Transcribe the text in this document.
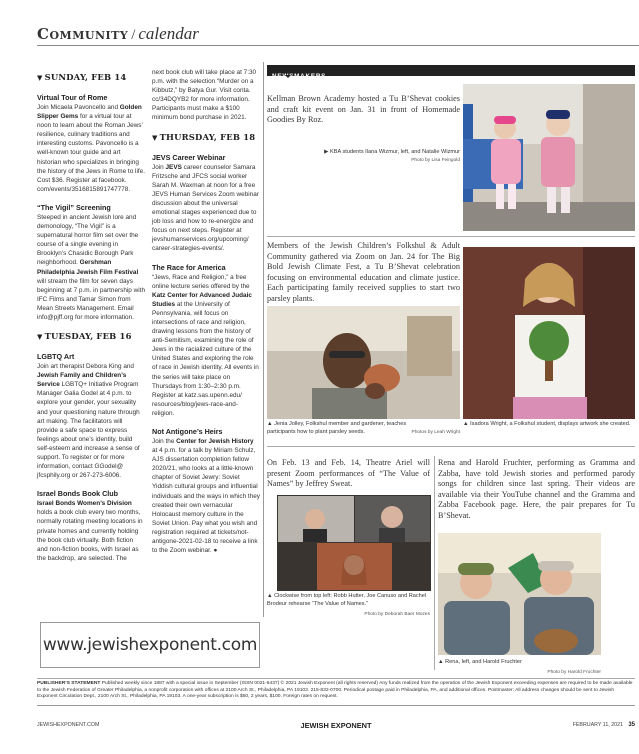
Community / calendar
▼ SUNDAY, FEB 14
Virtual Tour of Rome
Join Micaela Pavoncello and Golden Slipper Gems for a virtual tour at noon to learn about the Roman Jews’ resilience, culinary traditions and interesting customs. Pavoncello is a well-known tour guide and art historian who specializes in bringing the history of the Jews in Rome to life. Cost $36. Register at facebook. com/events/3516815891747778.
“The Vigil” Screening
Steeped in ancient Jewish lore and demonology, “The Vigil” is a supernatural horror film set over the course of a single evening in Brooklyn’s Chasidic Borough Park neighborhood. Gershman Philadelphia Jewish Film Festival will stream the film for seven days beginning at 7 p.m. in partnership with IFC Films and Tamar Simon from Mean Streets Management. Email info@pjff.org for more information.
▼ TUESDAY, FEB 16
LGBTQ Art
Join art therapist Debora King and Jewish Family and Children’s Service LGBTQ+ Initiative Program Manager Galia Godel at 4 p.m. to explore your gender, your sexuality and your questioning nature through art making. The facilitators will provide a safe space to express feelings about one’s identity, build self-esteem and increase a sense of support. To register or for more information, contact GGodel@ jfcsphily.org or 267-273-6006.
Israel Bonds Book Club
Israel Bonds Women’s Division
holds a book club every two months, normally rotating meeting locations in private homes and currently holding the book club virtually. Both fiction and non-fiction books, with Israel as the backdrop, are selected. The
next book club will take place at 7:30 p.m. with the selection “Murder on a Kibbutz,” by Batya Gur. Visit conta. cc/34DQYB2 for more information. Participants must make a $100 minimum bond purchase in 2021.
▼ THURSDAY, FEB 18
JEVS Career Webinar
Join JEVS career counselor Samara Fritzsche and JFCS social worker Sarah M. Waxman at noon for a free JEVS Human Services Zoom webinar discussion about the universal emotional stages experienced due to job loss and how to re-energize and focus on next steps. Register at jevshumanservices.org/upcoming/ career-strategies-events/.
The Race for America
“Jews, Race and Religion,” a free online lecture series offered by the Katz Center for Advanced Judaic Studies at the University of Pennsylvania, will focus on intersections of race and religion, drawing lessons from the history of anti-Semitism, examining the role of Jews in the racialized culture of the United States and exploring the role of race in Jewish identity. All events in the series will take place on Thursdays from 1:30–2:30 p.m. Register at katz.sas.upenn.edu/ resources/blog/jews-race-and-religion.
Not Antigone’s Heirs
Join the Center for Jewish History at 4 p.m. for a talk by Miriam Schulz, AJS dissertation completion fellow 2020/21, who looks at a little-known chapter of Soviet Jewry: Soviet Yiddish cultural groups and influential individuals and the ways in which they created their own vernacular Holocaust memory culture in the Soviet Union. Pay what you wish and registration required at tickets/not-antigone-2021-02-18 to receive a link to the Zoom webinar. ●
www.jewishexponent.com
NEWSMAKERS
Kellman Brown Academy hosted a Tu B’Shevat cookies and craft kit event on Jan. 31 in front of Homemade Goodies By Roz.
▶ KBA students Ilana Wizmur, left, and Natalie Wizmur
Photo by Lisa Feingold
Members of the Jewish Children’s Folkshul & Adult Community gathered via Zoom on Jan. 24 for The Big Bold Jewish Climate Fest, a Tu B’Shevat celebration focusing on environmental education and climate justice. Each participating family received supplies to start two parsley plants.
▲ Jenia Jolley, Folkshul member and gardener, teaches participants how to plant parsley seeds.	Photos by Leah Wright
▲ Isadora Wright, a Folkshul student, displays artwork she created.
On Feb. 13 and Feb. 14, Theatre Ariel will present Zoom performances of “The Value of Names” by Jeffrey Sweat.
▲ Clockwise from top left: Robb Hutter, Joe Canuso and Rachel Brodeur rehearse “The Value of Names.”
Photo by Deborah Baer Mozes
Rena and Harold Fruchter, performing as Gramma and Zabba, have told Jewish stories and performed parody songs for children since last spring. Their videos are available via their YouTube channel and the Gramma and Zabba Facebook page. Here, the pair prepares for Tu B’Shevat.
▲ Rena, left, and Harold Fruchter
Photo by Harold Fruchter
PUBLISHER’S STATEMENT Published weekly since 1887 with a special issue in September (ISSN 0021-6437) © 2021 Jewish Exponent (all rights reserved) Any funds realized from the operation of the Jewish Exponent exceeding expenses are required to be made available to the Jewish Federation of Greater Philadelphia, a nonprofit corporation with offices at 2100 Arch St., Philadelphia, PA 19103. 215-832-0700. Periodical postage paid in Philadelphia, PA, and additional offices. Postmaster: All address changes should be sent to Jewish Exponent Circulation Dept., 2100 Arch St., Philadelphia, PA 19103. A one-year subscription is $50, 2 years, $100. Foreign rates on request.
JEWISHEXPONENT.COM	JEWISH EXPONENT	FEBRUARY 11, 2021 35
